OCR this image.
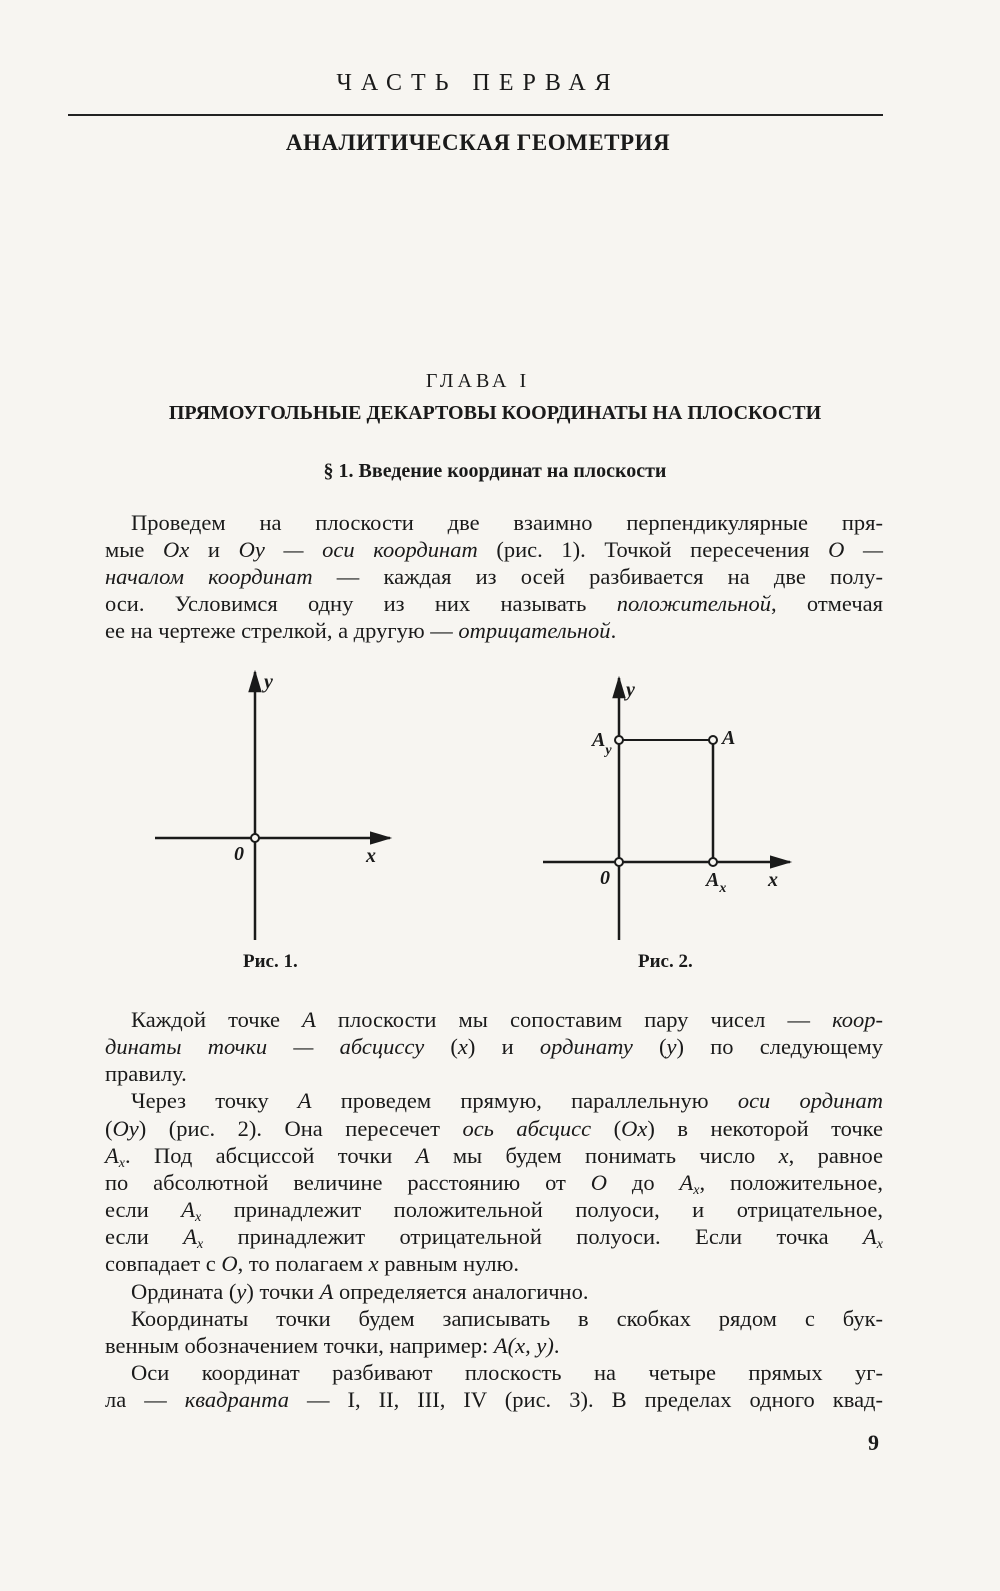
ЧАСТЬ ПЕРВАЯ
АНАЛИТИЧЕСКАЯ ГЕОМЕТРИЯ
ГЛАВА I
ПРЯМОУГОЛЬНЫЕ ДЕКАРТОВЫ КООРДИНАТЫ НА ПЛОСКОСТИ
§ 1. Введение координат на плоскости
Проведем на плоскости две взаимно перпендикулярные пря-
мые Ox и Oy — оси координат (рис. 1). Точкой пересечения O —
началом координат — каждая из осей разбивается на две полу-
оси. Условимся одну из них называть положительной, отмечая
ее на чертеже стрелкой, а другую — отрицательной.
y
0	x
y
$A_y$
A
0	$A_x$ x
Рис. 1.	Рис. 2.
Каждой точке A плоскости мы сопоставим пару чисел — коор-
динаты точки — абсциссу (x) и ординату (y) по следующему
правилу.
Через точку A проведем прямую, параллельную оси ординат
(Oy) (рис. 2). Она пересечет ось абсцисс (Ox) в некоторой точке
$A_x$. Под абсциссой точки A мы будем понимать число x, равное
по абсолютной величине расстоянию от O до $A_x$, положительное,
если $A_x$ принадлежит положительной полуоси, и отрицательное,
если $A_x$ принадлежит отрицательной полуоси. Если точка $A_x$
совпадает с O, то полагаем x равным нулю.
Ордината (y) точки A определяется аналогично.
Координаты точки будем записывать в скобках рядом с бук-
венным обозначением точки, например: A(x, y).
Оси координат разбивают плоскость на четыре прямых уг-
ла — квадранта — I, II, III, IV (рис. 3). В пределах одного квад-
9
